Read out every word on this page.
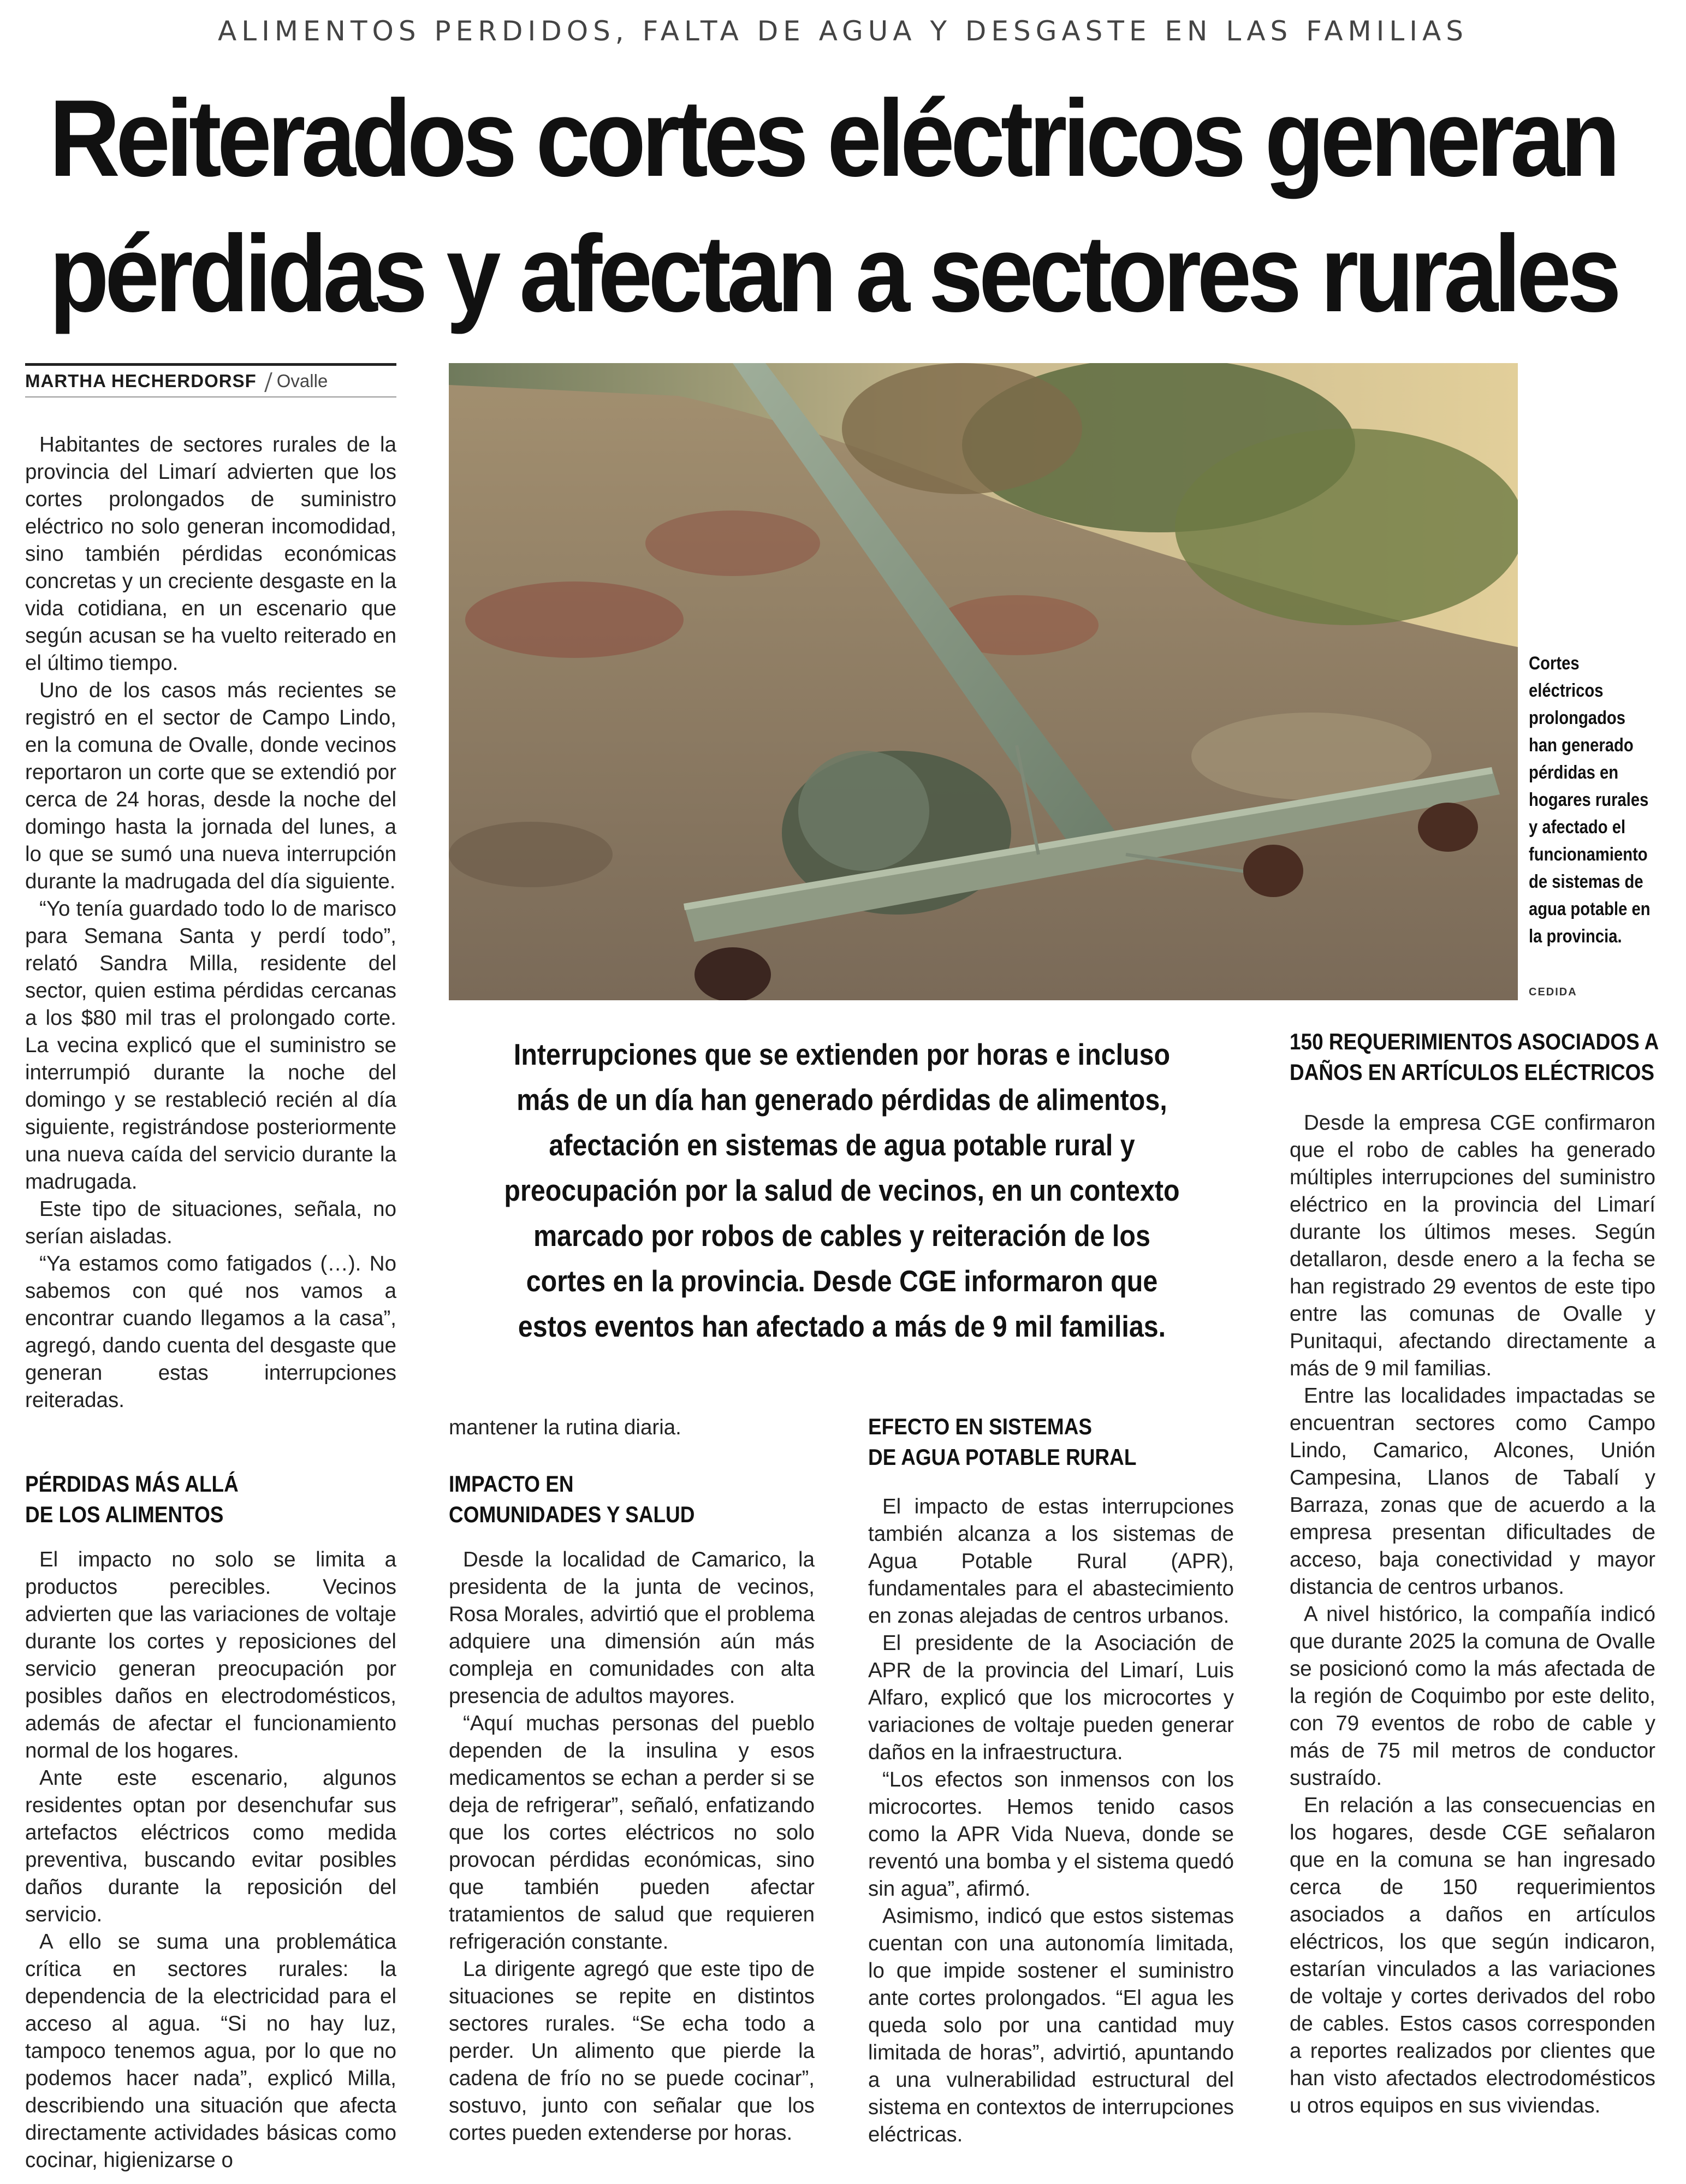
ALIMENTOS PERDIDOS, FALTA DE AGUA Y DESGASTE EN LAS FAMILIAS
Reiterados cortes eléctricos generan
pérdidas y afectan a sectores rurales
MARTHA HECHERDORSF Ovalle

Habitantes de sectores rurales de la provincia del Limarí advierten que los cortes prolongados de suministro eléctrico no solo generan incomodidad, sino también pérdidas económicas concretas y un creciente desgaste en la vida cotidiana, en un escenario que según acusan se ha vuelto reiterado en el último tiempo.

Uno de los casos más recientes se registró en el sector de Campo Lindo, en la comuna de Ovalle, donde vecinos reportaron un corte que se extendió por cerca de 24 horas, desde la noche del domingo hasta la jornada del lunes, a lo que se sumó una nueva interrupción durante la madrugada del día siguiente.

“Yo tenía guardado todo lo de marisco para Semana Santa y perdí todo”, relató Sandra Milla, residente del sector, quien estima pérdidas cercanas a los $80 mil tras el prolongado corte. La vecina explicó que el suministro se interrumpió durante la noche del domingo y se restableció recién al día siguiente, registrándose posteriormente una nueva caída del servicio durante la madrugada.

Este tipo de situaciones, señala, no serían aisladas.

“Ya estamos como fatigados (…). No sabemos con qué nos vamos a encontrar cuando llegamos a la casa”, agregó, dando cuenta del desgaste que generan estas interrupciones reiteradas.

PÉRDIDAS MÁS ALLÁ
DE LOS ALIMENTOS

El impacto no solo se limita a productos perecibles. Vecinos advierten que las variaciones de voltaje durante los cortes y reposiciones del servicio generan preocupación por posibles daños en electrodomésticos, además de afectar el funcionamiento normal de los hogares.

Ante este escenario, algunos residentes optan por desenchufar sus artefactos eléctricos como medida preventiva, buscando evitar posibles daños durante la reposición del servicio.

A ello se suma una problemática crítica en sectores rurales: la dependencia de la electricidad para el acceso al agua. “Si no hay luz, tampoco tenemos agua, por lo que no podemos hacer nada”, explicó Milla, describiendo una situación que afecta directamente actividades básicas como cocinar, higienizarse o

Cortes eléctricos prolongados han generado pérdidas en hogares rurales y afectado el funcionamiento de sistemas de agua potable en la provincia.
CEDIDA
Interrupciones que se extienden por horas e incluso más de un día han generado pérdidas de alimentos, afectación en sistemas de agua potable rural y preocupación por la salud de vecinos, en un contexto marcado por robos de cables y reiteración de los cortes en la provincia. Desde CGE informaron que estos eventos han afectado a más de 9 mil familias.

mantener la rutina diaria.

IMPACTO EN
COMUNIDADES Y SALUD

Desde la localidad de Camarico, la presidenta de la junta de vecinos, Rosa Morales, advirtió que el problema adquiere una dimensión aún más compleja en comunidades con alta presencia de adultos mayores.

“Aquí muchas personas del pueblo dependen de la insulina y esos medicamentos se echan a perder si se deja de refrigerar”, señaló, enfatizando que los cortes eléctricos no solo provocan pérdidas económicas, sino que también pueden afectar tratamientos de salud que requieren refrigeración constante.

La dirigente agregó que este tipo de situaciones se repite en distintos sectores rurales. “Se echa todo a perder. Un alimento que pierde la cadena de frío no se puede cocinar”, sostuvo, junto con señalar que los cortes pueden extenderse por horas.

EFECTO EN SISTEMAS
DE AGUA POTABLE RURAL

El impacto de estas interrupciones también alcanza a los sistemas de Agua Potable Rural (APR), fundamentales para el abastecimiento en zonas alejadas de centros urbanos.

El presidente de la Asociación de APR de la provincia del Limarí, Luis Alfaro, explicó que los microcortes y variaciones de voltaje pueden generar daños en la infraestructura.

“Los efectos son inmensos con los microcortes. Hemos tenido casos como la APR Vida Nueva, donde se reventó una bomba y el sistema quedó sin agua”, afirmó.

Asimismo, indicó que estos sistemas cuentan con una autonomía limitada, lo que impide sostener el suministro ante cortes prolongados. “El agua les queda solo por una cantidad muy limitada de horas”, advirtió, apuntando a una vulnerabilidad estructural del sistema en contextos de interrupciones eléctricas.

150 REQUERIMIENTOS ASOCIADOS A
DAÑOS EN ARTÍCULOS ELÉCTRICOS

Desde la empresa CGE confirmaron que el robo de cables ha generado múltiples interrupciones del suministro eléctrico en la provincia del Limarí durante los últimos meses. Según detallaron, desde enero a la fecha se han registrado 29 eventos de este tipo entre las comunas de Ovalle y Punitaqui, afectando directamente a más de 9 mil familias.

Entre las localidades impactadas se encuentran sectores como Campo Lindo, Camarico, Alcones, Unión Campesina, Llanos de Tabalí y Barraza, zonas que de acuerdo a la empresa presentan dificultades de acceso, baja conectividad y mayor distancia de centros urbanos.

A nivel histórico, la compañía indicó que durante 2025 la comuna de Ovalle se posicionó como la más afectada de la región de Coquimbo por este delito, con 79 eventos de robo de cable y más de 75 mil metros de conductor sustraído.

En relación a las consecuencias en los hogares, desde CGE señalaron que en la comuna se han ingresado cerca de 150 requerimientos asociados a daños en artículos eléctricos, los que según indicaron, estarían vinculados a las variaciones de voltaje y cortes derivados del robo de cables. Estos casos corresponden a reportes realizados por clientes que han visto afectados electrodomésticos u otros equipos en sus viviendas.
